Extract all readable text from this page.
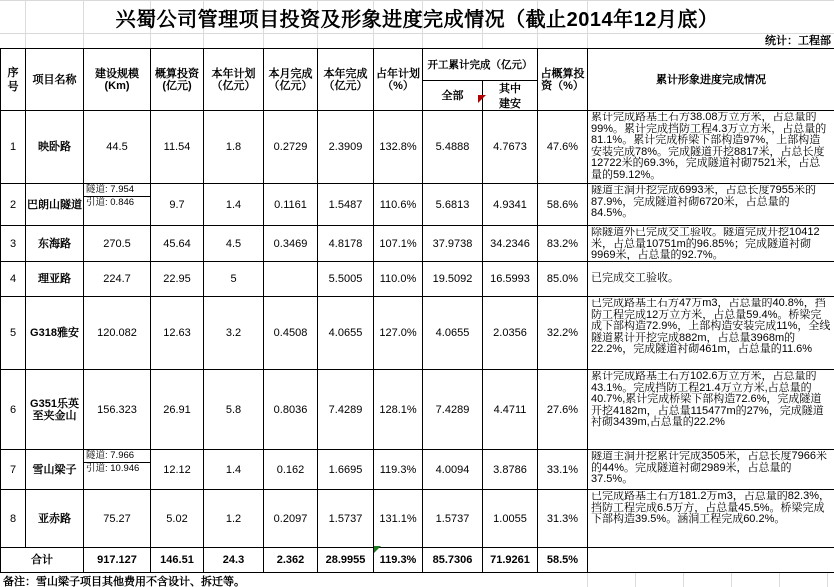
兴蜀公司管理项目投资及形象进度完成情况（截止2014年12月底）
统计：工程部
序号	项目名称	建设规模(Km)	概算投资(亿元)	本年计划（亿元）	本月完成（亿元）	本年完成（亿元）	占年计划（%）	开工累计完成（亿元）		占概算投资（%）	累计形象进度完成情况
								全部	其中建安		

1	映卧路	44.5	11.54	1.8	0.2729	2.3909	132.8%	5.4888	4.7673	47.6%	累计完成路基土石方38.08万立方米，占总量的99%。累计完成挡防工程4.3万立方米，占总量的81.1%。累计完成桥梁下部构造97%，上部构造安装完成78%。完成隧道开挖8817米，占总长度12722米的69.3%，完成隧道衬砌7521米，占总量的59.12%。

2	巴朗山隧道	隧道: 7.954
引道: 0.846	9.7	1.4	0.1161	1.5487	110.6%	5.6813	4.9341	58.6%	隧道主洞开挖完成6993米，占总长度7955米的87.9%，完成隧道衬砌6720米，占总量的84.5%。

3	东海路	270.5	45.64	4.5	0.3469	4.8178	107.1%	37.9738	34.2346	83.2%	除隧道外已完成交工验收。隧道完成开挖10412米，占总量10751m的96.85%；完成隧道衬砌9969米，占总量的92.7%。

4	理亚路	224.7	22.95	5		5.5005	110.0%	19.5092	16.5993	85.0%	已完成交工验收。
5	G318雅安	120.082	12.63	3.2	0.4508	4.0655	127.0%	4.0655	2.0356	32.2%	已完成路基土石方47万m3，占总量的40.8%，挡防工程完成12万立方米，占总量59.4%。桥梁完成下部构造72.9%，上部构造安装完成11%，全线隧道累计开挖完成882m，占总量3968m的22.2%，完成隧道衬砌461m，占总量的11.6%

6	G351乐英至夹金山	156.323	26.91	5.8	0.8036	7.4289	128.1%	7.4289	4.4711	27.6%	累计完成路基土石方102.6万立方米，占总量的43.1%。完成挡防工程21.4万立方米,占总量的40.7%,累计完成桥梁下部构造72.6%，完成隧道开挖4182m，占总量115477m的27%，完成隧道衬砌3439m,占总量的22.2%

7	雪山梁子	隧道: 7.966
引道: 10.946	12.12	1.4	0.162	1.6695	119.3%	4.0094	3.8786	33.1%	隧道主洞开挖累计完成3505米，占总长度7966米的44%。完成隧道衬砌2989米，占总量的37.5%。

8	亚赤路	75.27	5.02	1.2	0.2097	1.5737	131.1%	1.5737	1.0055	31.3%	已完成路基土石方181.2万m3，占总量的82.3%，挡防工程完成6.5万方，占总量45.5%。桥梁完成下部构造39.5%。涵洞工程完成60.2%。

合计		917.127	146.51	24.3	2.362	28.9955	119.3%	85.7306	71.9261	58.5%	
备注：雪山梁子项目其他费用不含设计、拆迁等。
